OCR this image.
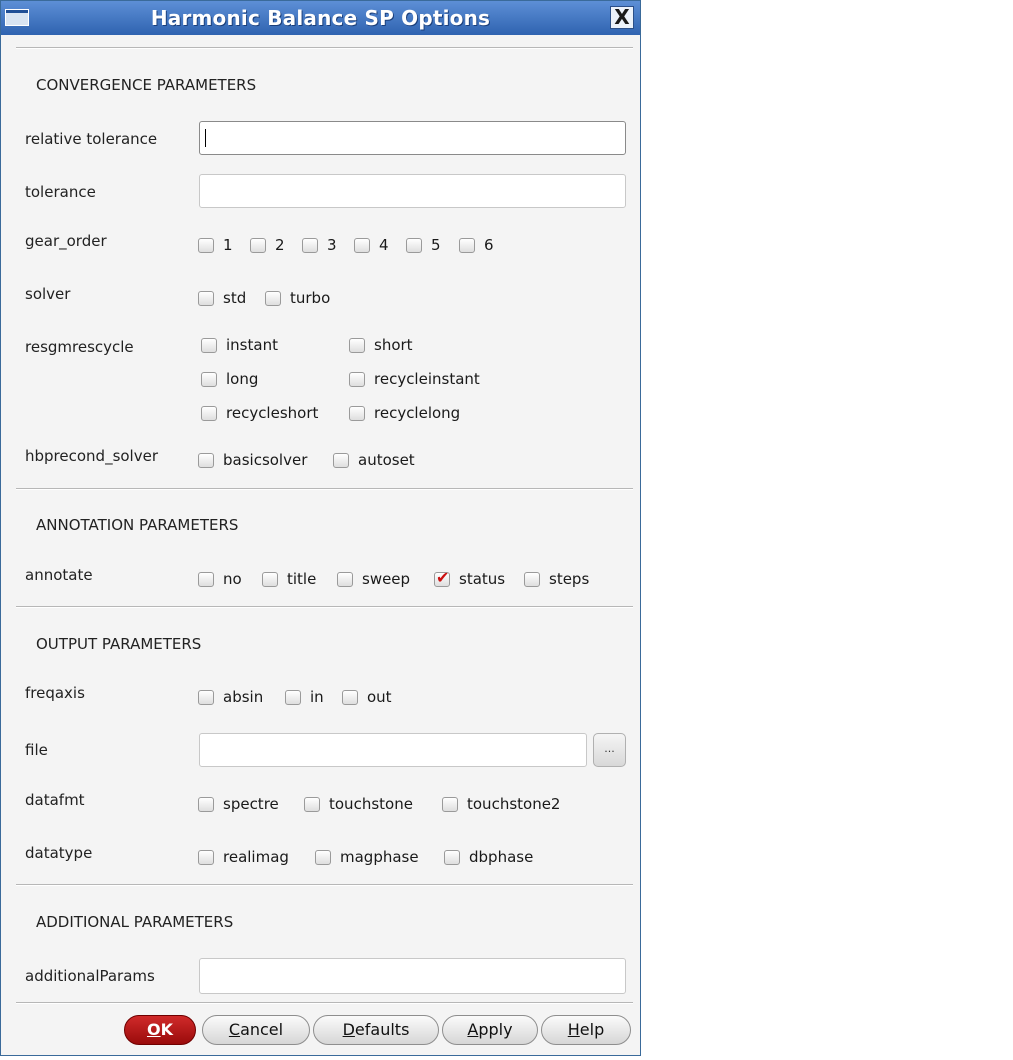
Harmonic Balance SP Options	X
CONVERGENCE PARAMETERS
relative tolerance
tolerance
gear_order	1	2	3	4	5	6
solver	std	turbo
resgmrescycle	instant	short
long	recycleinstant
recycleshort	recyclelong
hbprecond_solver	basicsolver	autoset
ANNOTATION PARAMETERS
annotate	no	title	sweep ✔ status	steps
OUTPUT PARAMETERS
freqaxis	absin	in	out
file	...
datafmt	spectre	touchstone	touchstone2
datatype	realimag	magphase	dbphase
ADDITIONAL PARAMETERS
additionalParams
OK	Cancel	Defaults	Apply	Help
